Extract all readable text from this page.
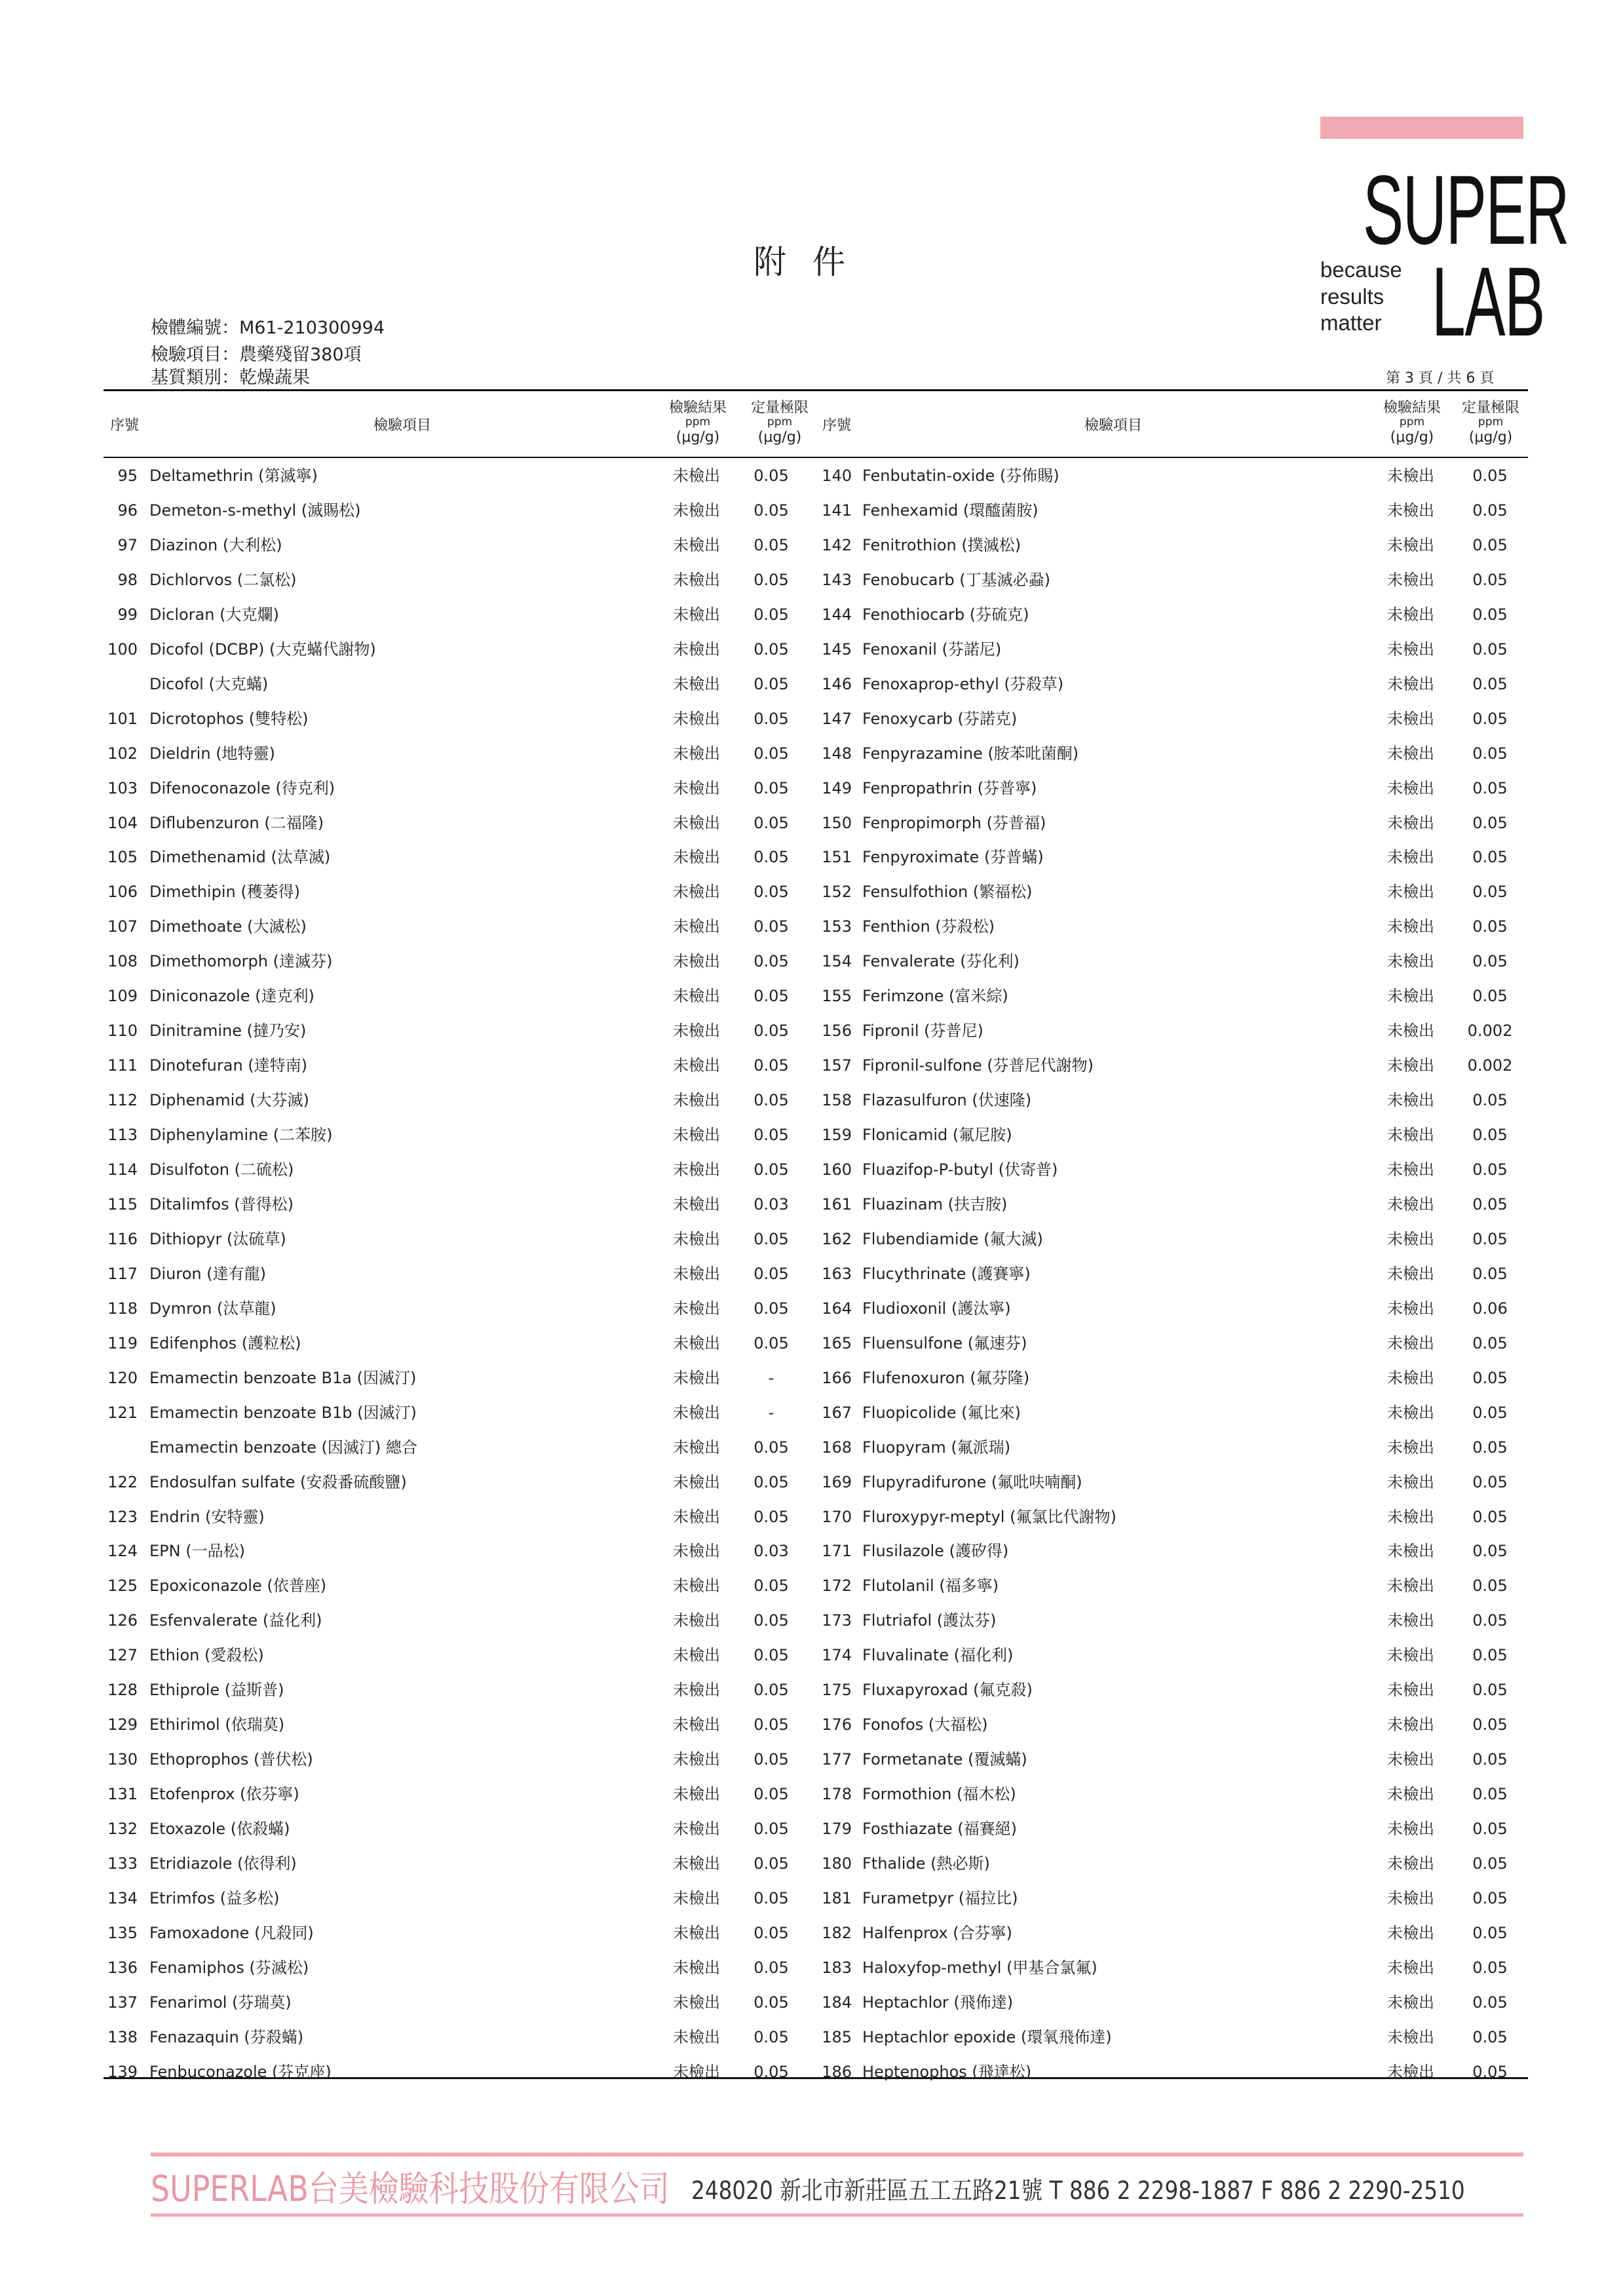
SUPER
LAB
because
results
matter
附件
檢體編號：M61-210300994
檢驗項目：農藥殘留380項
基質類別：乾燥蔬果	第 3 頁 / 共 6 頁
序號	檢驗項目
檢驗結果
ppm
(μg/g)
定量極限
ppm
(μg/g)
序號	檢驗項目
檢驗結果
ppm
(μg/g)
定量極限
ppm
(μg/g)
95 Deltamethrin (第滅寧)	未檢出	0.05
96 Demeton-s-methyl (滅賜松)	未檢出	0.05
97 Diazinon (大利松)	未檢出	0.05
98 Dichlorvos (二氯松)	未檢出	0.05
99 Dicloran (大克爛)	未檢出	0.05
100 Dicofol (DCBP) (大克蟎代謝物)	未檢出	0.05
Dicofol (大克蟎)	未檢出	0.05
101 Dicrotophos (雙特松)	未檢出	0.05
102 Dieldrin (地特靈)	未檢出	0.05
103 Difenoconazole (待克利)	未檢出	0.05
104 Diflubenzuron (二福隆)	未檢出	0.05
105 Dimethenamid (汰草滅)	未檢出	0.05
106 Dimethipin (穫萎得)	未檢出	0.05
107 Dimethoate (大滅松)	未檢出	0.05
108 Dimethomorph (達滅芬)	未檢出	0.05
109 Diniconazole (達克利)	未檢出	0.05
110 Dinitramine (撻乃安)	未檢出	0.05
111 Dinotefuran (達特南)	未檢出	0.05
112 Diphenamid (大芬滅)	未檢出	0.05
113 Diphenylamine (二苯胺)	未檢出	0.05
114 Disulfoton (二硫松)	未檢出	0.05
115 Ditalimfos (普得松)	未檢出	0.03
116 Dithiopyr (汰硫草)	未檢出	0.05
117 Diuron (達有龍)	未檢出	0.05
118 Dymron (汰草龍)	未檢出	0.05
119 Edifenphos (護粒松)	未檢出	0.05
120 Emamectin benzoate B1a (因滅汀)	未檢出	-
121 Emamectin benzoate B1b (因滅汀)	未檢出	-
Emamectin benzoate (因滅汀) 總合	未檢出	0.05
122 Endosulfan sulfate (安殺番硫酸鹽)	未檢出	0.05
123 Endrin (安特靈)	未檢出	0.05
124 EPN (一品松)	未檢出	0.03
125 Epoxiconazole (依普座)	未檢出	0.05
126 Esfenvalerate (益化利)	未檢出	0.05
127 Ethion (愛殺松)	未檢出	0.05
128 Ethiprole (益斯普)	未檢出	0.05
129 Ethirimol (依瑞莫)	未檢出	0.05
130 Ethoprophos (普伏松)	未檢出	0.05
131 Etofenprox (依芬寧)	未檢出	0.05
132 Etoxazole (依殺蟎)	未檢出	0.05
133 Etridiazole (依得利)	未檢出	0.05
134 Etrimfos (益多松)	未檢出	0.05
135 Famoxadone (凡殺同)	未檢出	0.05
136 Fenamiphos (芬滅松)	未檢出	0.05
137 Fenarimol (芬瑞莫)	未檢出	0.05
138 Fenazaquin (芬殺蟎)	未檢出	0.05
139 Fenbuconazole (芬克座)	未檢出	0.05
140 Fenbutatin-oxide (芬佈賜)	未檢出	0.05
141 Fenhexamid (環醯菌胺)	未檢出	0.05
142 Fenitrothion (撲滅松)	未檢出	0.05
143 Fenobucarb (丁基滅必蝨)	未檢出	0.05
144 Fenothiocarb (芬硫克)	未檢出	0.05
145 Fenoxanil (芬諾尼)	未檢出	0.05
146 Fenoxaprop-ethyl (芬殺草)	未檢出	0.05
147 Fenoxycarb (芬諾克)	未檢出	0.05
148 Fenpyrazamine (胺苯吡菌酮)	未檢出	0.05
149 Fenpropathrin (芬普寧)	未檢出	0.05
150 Fenpropimorph (芬普福)	未檢出	0.05
151 Fenpyroximate (芬普蟎)	未檢出	0.05
152 Fensulfothion (繁福松)	未檢出	0.05
153 Fenthion (芬殺松)	未檢出	0.05
154 Fenvalerate (芬化利)	未檢出	0.05
155 Ferimzone (富米綜)	未檢出	0.05
156 Fipronil (芬普尼)	未檢出	0.002
157 Fipronil-sulfone (芬普尼代謝物)	未檢出	0.002
158 Flazasulfuron (伏速隆)	未檢出	0.05
159 Flonicamid (氟尼胺)	未檢出	0.05
160 Fluazifop-P-butyl (伏寄普)	未檢出	0.05
161 Fluazinam (扶吉胺)	未檢出	0.05
162 Flubendiamide (氟大滅)	未檢出	0.05
163 Flucythrinate (護賽寧)	未檢出	0.05
164 Fludioxonil (護汰寧)	未檢出	0.06
165 Fluensulfone (氟速芬)	未檢出	0.05
166 Flufenoxuron (氟芬隆)	未檢出	0.05
167 Fluopicolide (氟比來)	未檢出	0.05
168 Fluopyram (氟派瑞)	未檢出	0.05
169 Flupyradifurone (氟吡呋喃酮)	未檢出	0.05
170 Fluroxypyr-meptyl (氟氯比代謝物)	未檢出	0.05
171 Flusilazole (護矽得)	未檢出	0.05
172 Flutolanil (福多寧)	未檢出	0.05
173 Flutriafol (護汰芬)	未檢出	0.05
174 Fluvalinate (福化利)	未檢出	0.05
175 Fluxapyroxad (氟克殺)	未檢出	0.05
176 Fonofos (大福松)	未檢出	0.05
177 Formetanate (覆滅蟎)	未檢出	0.05
178 Formothion (福木松)	未檢出	0.05
179 Fosthiazate (福賽絕)	未檢出	0.05
180 Fthalide (熱必斯)	未檢出	0.05
181 Furametpyr (福拉比)	未檢出	0.05
182 Halfenprox (合芬寧)	未檢出	0.05
183 Haloxyfop-methyl (甲基合氯氟)	未檢出	0.05
184 Heptachlor (飛佈達)	未檢出	0.05
185 Heptachlor epoxide (環氧飛佈達)	未檢出	0.05
186 Heptenophos (飛達松)	未檢出	0.05
SUPERLAB台美檢驗科技股份有限公司 248020 新北市新莊區五工五路21號 T 886 2 2298-1887 F 886 2 2290-2510
